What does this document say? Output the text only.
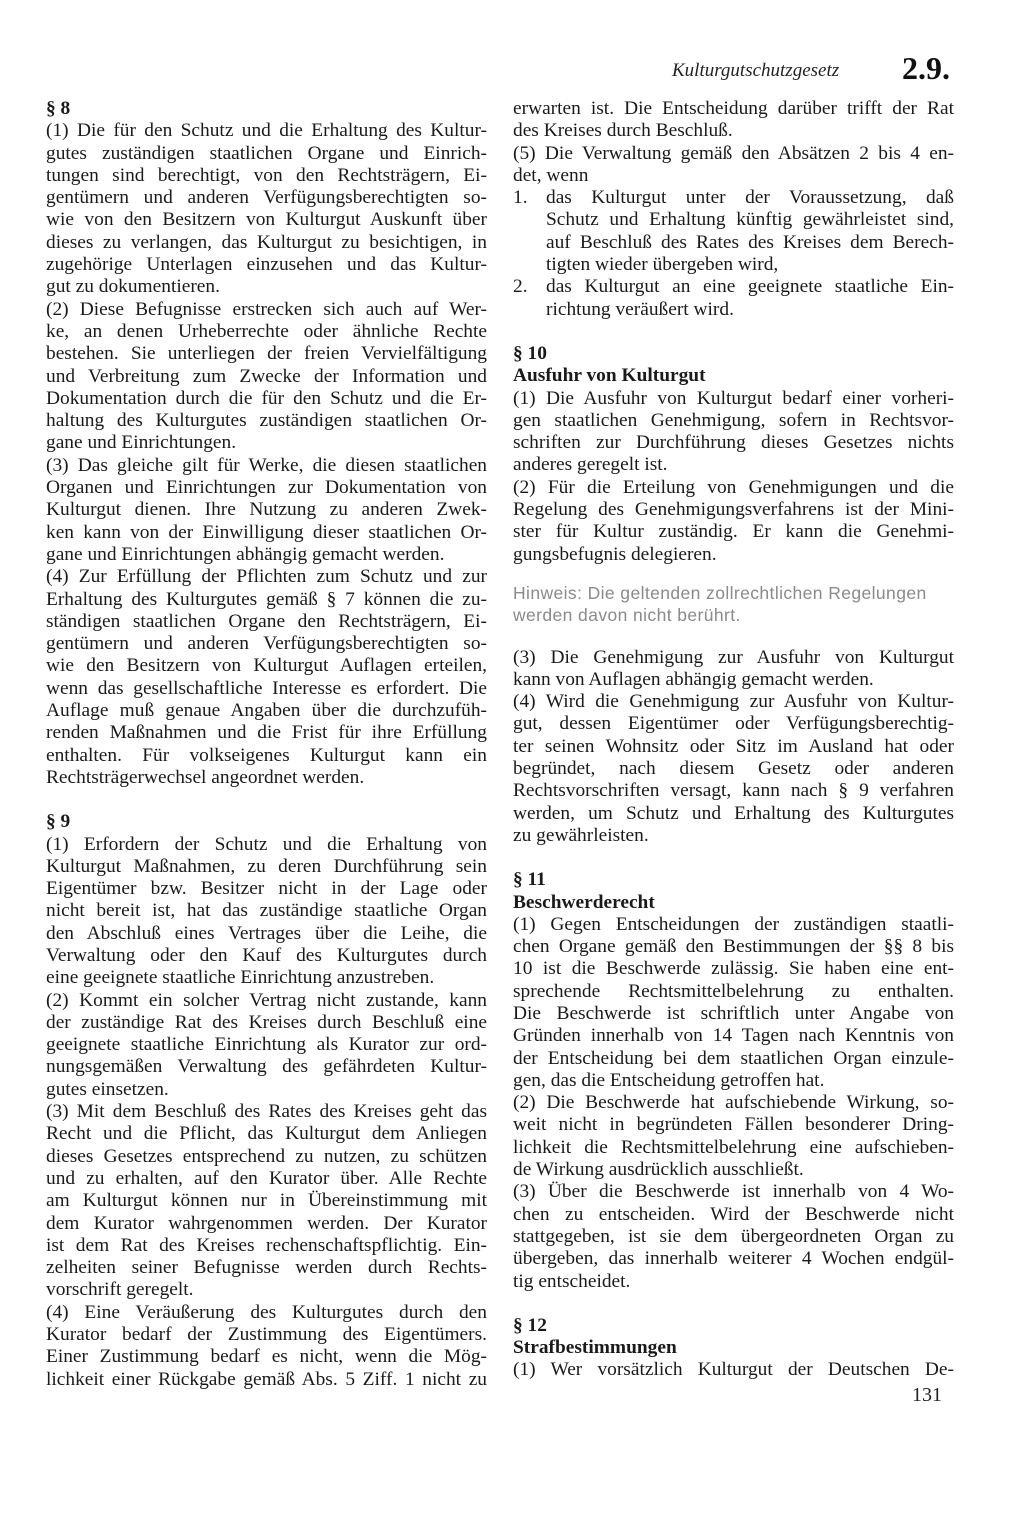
Kulturgutschutzgesetz 2.9.
§ 8
(1) Die für den Schutz und die Erhaltung des Kultur-
gutes zuständigen staatlichen Organe und Einrich-
tungen sind berechtigt, von den Rechtsträgern, Ei-
gentümern und anderen Verfügungsberechtigten so-
wie von den Besitzern von Kulturgut Auskunft über
dieses zu verlangen, das Kulturgut zu besichtigen, in
zugehörige Unterlagen einzusehen und das Kultur-
gut zu dokumentieren.
(2) Diese Befugnisse erstrecken sich auch auf Wer-
ke, an denen Urheberrechte oder ähnliche Rechte
bestehen. Sie unterliegen der freien Vervielfältigung
und Verbreitung zum Zwecke der Information und
Dokumentation durch die für den Schutz und die Er-
haltung des Kulturgutes zuständigen staatlichen Or-
gane und Einrichtungen.
(3) Das gleiche gilt für Werke, die diesen staatlichen
Organen und Einrichtungen zur Dokumentation von
Kulturgut dienen. Ihre Nutzung zu anderen Zwek-
ken kann von der Einwilligung dieser staatlichen Or-
gane und Einrichtungen abhängig gemacht werden.
(4) Zur Erfüllung der Pflichten zum Schutz und zur
Erhaltung des Kulturgutes gemäß § 7 können die zu-
ständigen staatlichen Organe den Rechtsträgern, Ei-
gentümern und anderen Verfügungsberechtigten so-
wie den Besitzern von Kulturgut Auflagen erteilen,
wenn das gesellschaftliche Interesse es erfordert. Die
Auflage muß genaue Angaben über die durchzufüh-
renden Maßnahmen und die Frist für ihre Erfüllung
enthalten. Für volkseigenes Kulturgut kann ein
Rechtsträgerwechsel angeordnet werden.
§ 9
(1) Erfordern der Schutz und die Erhaltung von
Kulturgut Maßnahmen, zu deren Durchführung sein
Eigentümer bzw. Besitzer nicht in der Lage oder
nicht bereit ist, hat das zuständige staatliche Organ
den Abschluß eines Vertrages über die Leihe, die
Verwaltung oder den Kauf des Kulturgutes durch
eine geeignete staatliche Einrichtung anzustreben.
(2) Kommt ein solcher Vertrag nicht zustande, kann
der zuständige Rat des Kreises durch Beschluß eine
geeignete staatliche Einrichtung als Kurator zur ord-
nungsgemäßen Verwaltung des gefährdeten Kultur-
gutes einsetzen.
(3) Mit dem Beschluß des Rates des Kreises geht das
Recht und die Pflicht, das Kulturgut dem Anliegen
dieses Gesetzes entsprechend zu nutzen, zu schützen
und zu erhalten, auf den Kurator über. Alle Rechte
am Kulturgut können nur in Übereinstimmung mit
dem Kurator wahrgenommen werden. Der Kurator
ist dem Rat des Kreises rechenschaftspflichtig. Ein-
zelheiten seiner Befugnisse werden durch Rechts-
vorschrift geregelt.
(4) Eine Veräußerung des Kulturgutes durch den
Kurator bedarf der Zustimmung des Eigentümers.
Einer Zustimmung bedarf es nicht, wenn die Mög-
lichkeit einer Rückgabe gemäß Abs. 5 Ziff. 1 nicht zu
erwarten ist. Die Entscheidung darüber trifft der Rat
des Kreises durch Beschluß.
(5) Die Verwaltung gemäß den Absätzen 2 bis 4 en-
det, wenn
1. das Kulturgut unter der Voraussetzung, daß
Schutz und Erhaltung künftig gewährleistet sind,
auf Beschluß des Rates des Kreises dem Berech-
tigten wieder übergeben wird,
2. das Kulturgut an eine geeignete staatliche Ein-
richtung veräußert wird.
§ 10
Ausfuhr von Kulturgut
(1) Die Ausfuhr von Kulturgut bedarf einer vorheri-
gen staatlichen Genehmigung, sofern in Rechtsvor-
schriften zur Durchführung dieses Gesetzes nichts
anderes geregelt ist.
(2) Für die Erteilung von Genehmigungen und die
Regelung des Genehmigungsverfahrens ist der Mini-
ster für Kultur zuständig. Er kann die Genehmi-
gungsbefugnis delegieren.
Hinweis: Die geltenden zollrechtlichen Regelungen
werden davon nicht berührt.
(3) Die Genehmigung zur Ausfuhr von Kulturgut
kann von Auflagen abhängig gemacht werden.
(4) Wird die Genehmigung zur Ausfuhr von Kultur-
gut, dessen Eigentümer oder Verfügungsberechtig-
ter seinen Wohnsitz oder Sitz im Ausland hat oder
begründet, nach diesem Gesetz oder anderen
Rechtsvorschriften versagt, kann nach § 9 verfahren
werden, um Schutz und Erhaltung des Kulturgutes
zu gewährleisten.
§ 11
Beschwerderecht
(1) Gegen Entscheidungen der zuständigen staatli-
chen Organe gemäß den Bestimmungen der §§ 8 bis
10 ist die Beschwerde zulässig. Sie haben eine ent-
sprechende Rechtsmittelbelehrung zu enthalten.
Die Beschwerde ist schriftlich unter Angabe von
Gründen innerhalb von 14 Tagen nach Kenntnis von
der Entscheidung bei dem staatlichen Organ einzule-
gen, das die Entscheidung getroffen hat.
(2) Die Beschwerde hat aufschiebende Wirkung, so-
weit nicht in begründeten Fällen besonderer Dring-
lichkeit die Rechtsmittelbelehrung eine aufschieben-
de Wirkung ausdrücklich ausschließt.
(3) Über die Beschwerde ist innerhalb von 4 Wo-
chen zu entscheiden. Wird der Beschwerde nicht
stattgegeben, ist sie dem übergeordneten Organ zu
übergeben, das innerhalb weiterer 4 Wochen endgül-
tig entscheidet.
§ 12
Strafbestimmungen
(1) Wer vorsätzlich Kulturgut der Deutschen De-
131
